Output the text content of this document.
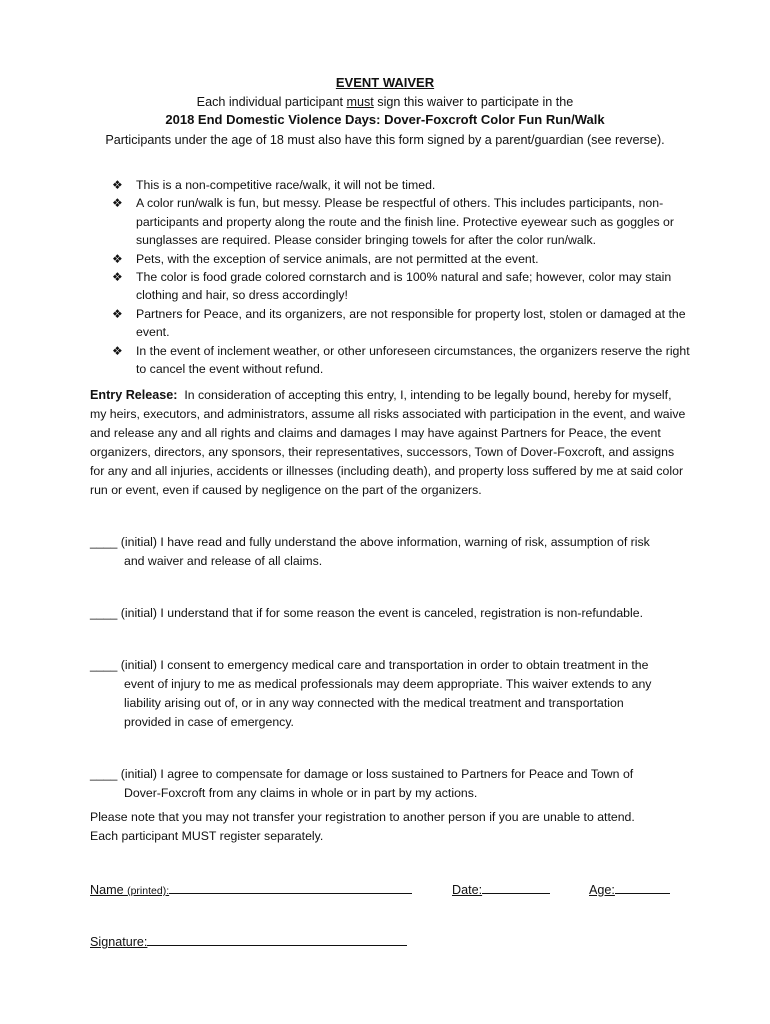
EVENT WAIVER
Each individual participant must sign this waiver to participate in the
2018 End Domestic Violence Days: Dover-Foxcroft Color Fun Run/Walk
Participants under the age of 18 must also have this form signed by a parent/guardian (see reverse).
❖ This is a non-competitive race/walk, it will not be timed.
❖ A color run/walk is fun, but messy. Please be respectful of others. This includes participants, non-participants and property along the route and the finish line. Protective eyewear such as goggles or sunglasses are required. Please consider bringing towels for after the color run/walk.
❖ Pets, with the exception of service animals, are not permitted at the event.
❖ The color is food grade colored cornstarch and is 100% natural and safe; however, color may stain clothing and hair, so dress accordingly!
❖ Partners for Peace, and its organizers, are not responsible for property lost, stolen or damaged at the event.
❖ In the event of inclement weather, or other unforeseen circumstances, the organizers reserve the right to cancel the event without refund.

Entry Release: In consideration of accepting this entry, I, intending to be legally bound, hereby for myself, my heirs, executors, and administrators, assume all risks associated with participation in the event, and waive and release any and all rights and claims and damages I may have against Partners for Peace, the event organizers, directors, any sponsors, their representatives, successors, Town of Dover-Foxcroft, and assigns for any and all injuries, accidents or illnesses (including death), and property loss suffered by me at said color run or event, even if caused by negligence on the part of the organizers.

____ (initial) I have read and fully understand the above information, warning of risk, assumption of risk
and waiver and release of all claims.
____ (initial) I understand that if for some reason the event is canceled, registration is non-refundable.
____ (initial) I consent to emergency medical care and transportation in order to obtain treatment in the
event of injury to me as medical professionals may deem appropriate. This waiver extends to any
liability arising out of, or in any way connected with the medical treatment and transportation
provided in case of emergency.
____ (initial) I agree to compensate for damage or loss sustained to Partners for Peace and Town of
Dover-Foxcroft from any claims in whole or in part by my actions.
Please note that you may not transfer your registration to another person if you are unable to attend.
Each participant MUST register separately.
Name (printed):	Date:	Age:
Signature:
